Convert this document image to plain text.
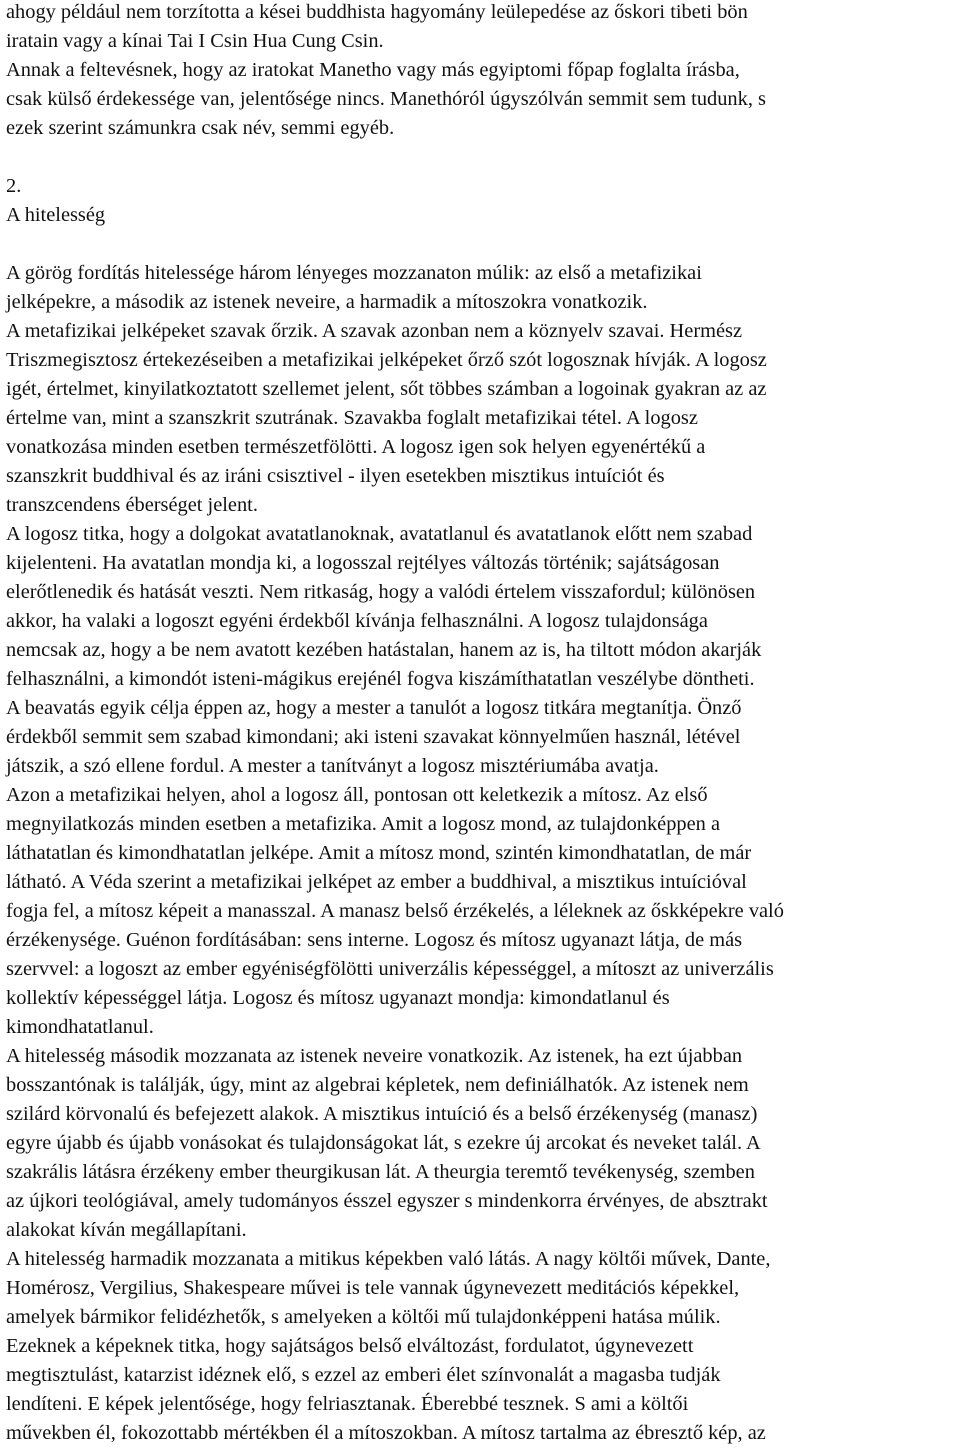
ahogy például nem torzította a kései buddhista hagyomány leülepedése az őskori tibeti bön
iratain vagy a kínai Tai I Csin Hua Cung Csin.

Annak a feltevésnek, hogy az iratokat Manetho vagy más egyiptomi főpap foglalta írásba,
csak külső érdekessége van, jelentősége nincs. Manethóról úgyszólván semmit sem tudunk, s
ezek szerint számunkra csak név, semmi egyéb.

2.

A hitelesség

A görög fordítás hitelessége három lényeges mozzanaton múlik: az első a metafizikai
jelképekre, a második az istenek neveire, a harmadik a mítoszokra vonatkozik.

A metafizikai jelképeket szavak őrzik. A szavak azonban nem a köznyelv szavai. Hermész
Triszmegisztosz értekezéseiben a metafizikai jelképeket őrző szót logosznak hívják. A logosz
igét, értelmet, kinyilatkoztatott szellemet jelent, sőt többes számban a logoinak gyakran az az
értelme van, mint a szanszkrit szutrának. Szavakba foglalt metafizikai tétel. A logosz
vonatkozása minden esetben természetfölötti. A logosz igen sok helyen egyenértékű a
szanszkrit buddhival és az iráni csisztivel - ilyen esetekben misztikus intuíciót és
transzcendens éberséget jelent.

A logosz titka, hogy a dolgokat avatatlanoknak, avatatlanul és avatatlanok előtt nem szabad
kijelenteni. Ha avatatlan mondja ki, a logosszal rejtélyes változás történik; sajátságosan
elerőtlenedik és hatását veszti. Nem ritkaság, hogy a valódi értelem visszafordul; különösen
akkor, ha valaki a logoszt egyéni érdekből kívánja felhasználni. A logosz tulajdonsága
nemcsak az, hogy a be nem avatott kezében hatástalan, hanem az is, ha tiltott módon akarják
felhasználni, a kimondót isteni-mágikus erejénél fogva kiszámíthatatlan veszélybe döntheti.

A beavatás egyik célja éppen az, hogy a mester a tanulót a logosz titkára megtanítja. Önző
érdekből semmit sem szabad kimondani; aki isteni szavakat könnyelműen használ, létével
játszik, a szó ellene fordul. A mester a tanítványt a logosz misztériumába avatja.

Azon a metafizikai helyen, ahol a logosz áll, pontosan ott keletkezik a mítosz. Az első
megnyilatkozás minden esetben a metafizika. Amit a logosz mond, az tulajdonképpen a
láthatatlan és kimondhatatlan jelképe. Amit a mítosz mond, szintén kimondhatatlan, de már
látható. A Véda szerint a metafizikai jelképet az ember a buddhival, a misztikus intuícióval
fogja fel, a mítosz képeit a manasszal. A manasz belső érzékelés, a léleknek az őskképekre való
érzékenysége. Guénon fordításában: sens interne. Logosz és mítosz ugyanazt látja, de más
szervvel: a logoszt az ember egyéniségfölötti univerzális képességgel, a mítoszt az univerzális
kollektív képességgel látja. Logosz és mítosz ugyanazt mondja: kimondatlanul és
kimondhatatlanul.

A hitelesség második mozzanata az istenek neveire vonatkozik. Az istenek, ha ezt újabban
bosszantónak is találják, úgy, mint az algebrai képletek, nem definiálhatók. Az istenek nem
szilárd körvonalú és befejezett alakok. A misztikus intuíció és a belső érzékenység (manasz)
egyre újabb és újabb vonásokat és tulajdonságokat lát, s ezekre új arcokat és neveket talál. A
szakrális látásra érzékeny ember theurgikusan lát. A theurgia teremtő tevékenység, szemben
az újkori teológiával, amely tudományos ésszel egyszer s mindenkorra érvényes, de absztrakt
alakokat kíván megállapítani.

A hitelesség harmadik mozzanata a mitikus képekben való látás. A nagy költői művek, Dante,
Homérosz, Vergilius, Shakespeare művei is tele vannak úgynevezett meditációs képekkel,
amelyek bármikor felidézhetők, s amelyeken a költői mű tulajdonképpeni hatása múlik.
Ezeknek a képeknek titka, hogy sajátságos belső elváltozást, fordulatot, úgynevezett
megtisztulást, katarzist idéznek elő, s ezzel az emberi élet színvonalát a magasba tudják
lendíteni. E képek jelentősége, hogy felriasztanak. Éberebbé tesznek. S ami a költői
művekben él, fokozottabb mértékben él a mítoszokban. A mítosz tartalma az ébresztő kép, az
